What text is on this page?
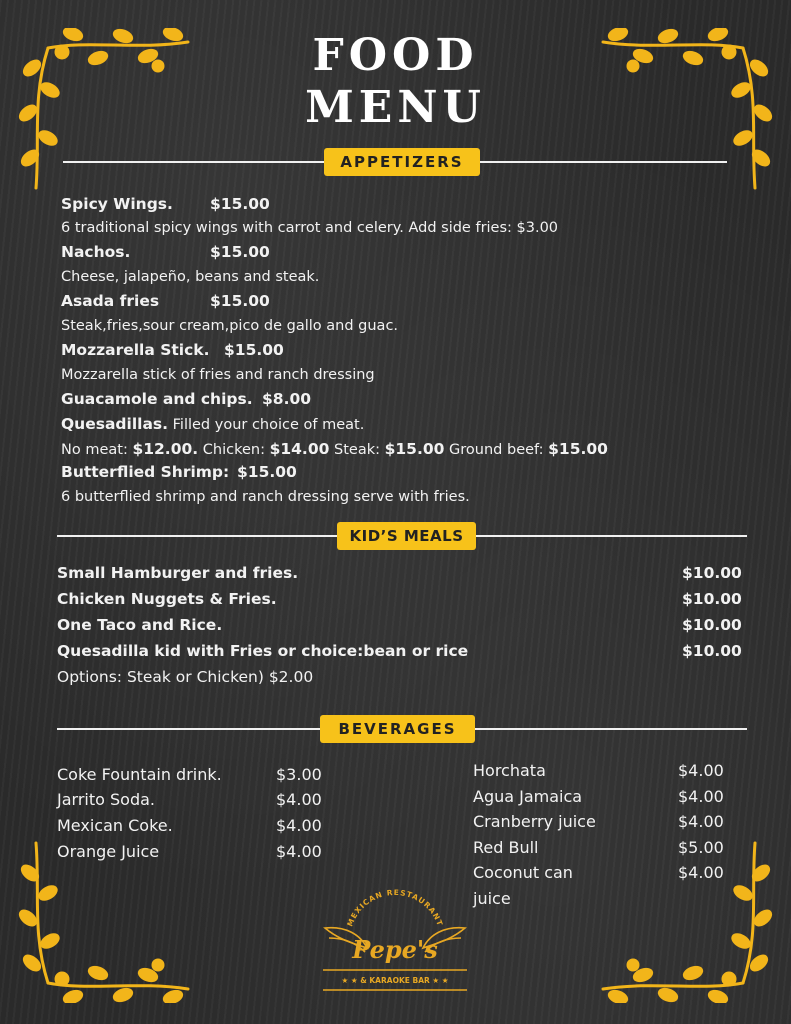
FOOD
MENU
APPETIZERS
Spicy Wings. $15.00
6 traditional spicy wings with carrot and celery. Add side fries: $3.00
Nachos.	$15.00
Cheese, jalapeño, beans and steak.
Asada fries	$15.00
Steak,fries,sour cream,pico de gallo and guac.
Mozzarella Stick. $15.00
Mozzarella stick of fries and ranch dressing
Guacamole and chips. $8.00
Quesadillas. Filled your choice of meat.
No meat: $12.00. Chicken: $14.00 Steak: $15.00 Ground beef: $15.00
Butterflied Shrimp: $15.00
6 butterflied shrimp and ranch dressing serve with fries.
KID’S MEALS
Small Hamburger and fries.	$10.00
Chicken Nuggets & Fries.	$10.00
One Taco and Rice.	$10.00
Quesadilla kid with Fries or choice:bean or rice	$10.00
Options: Steak or Chicken) $2.00
BEVERAGES
Coke Fountain drink.	$3.00
Jarrito Soda.	$4.00
Mexican Coke.	$4.00
Orange Juice	$4.00
Horchata	$4.00
Agua Jamaica	$4.00
Cranberry juice	$4.00
Red Bull	$5.00
Coconut can	$4.00
juice
MEXICAN RESTAURANT
Pepe's
★ ★ & KARAOKE BAR ★ ★
